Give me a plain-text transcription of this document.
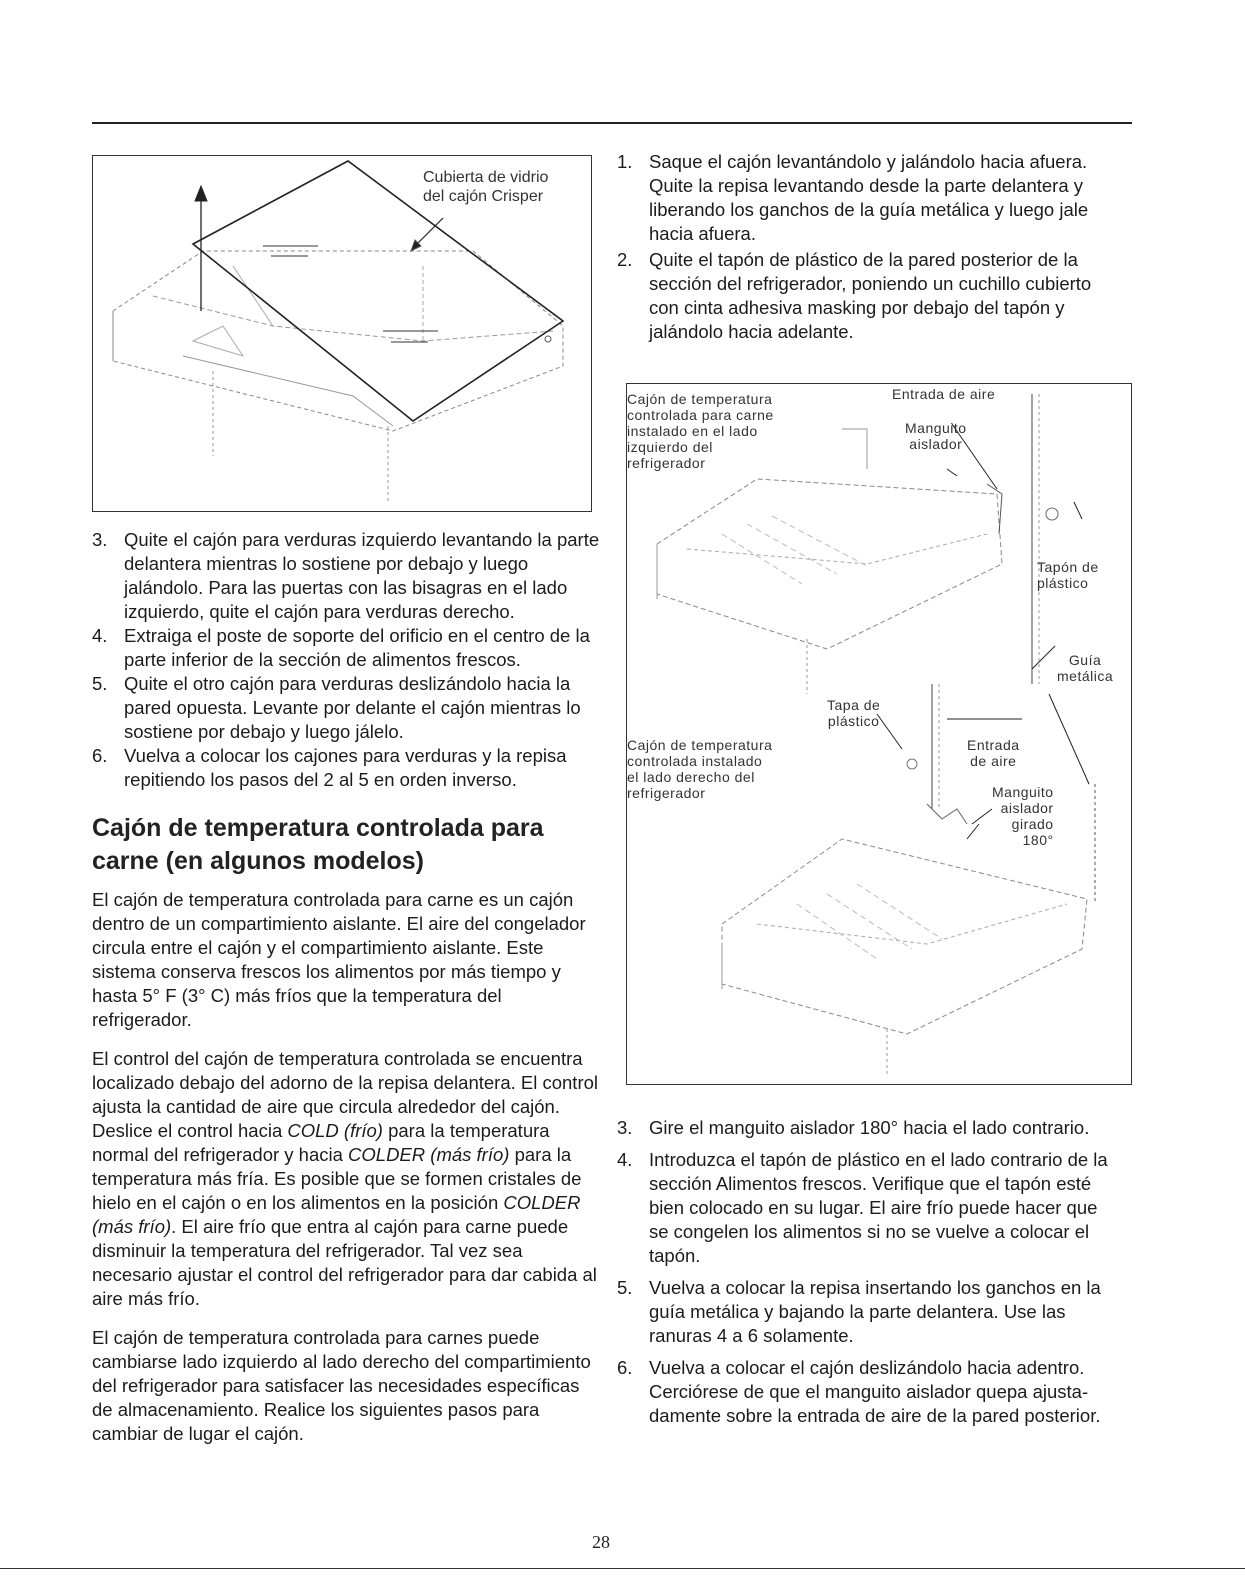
Cubierta de vidrio
del cajón Crisper
1. Saque el cajón levantándolo y jalándolo hacia afuera. Quite la repisa levantando desde la parte delantera y liberando los ganchos de la guía metálica y luego jale hacia afuera.
2. Quite el tapón de plástico de la pared posterior de la sección del refrigerador, poniendo un cuchillo cubierto con cinta adhesiva masking por debajo del tapón y jalándolo hacia adelante.
Cajón de temperatura
controlada para carne
instalado en el lado
izquierdo del
refrigerador
Entrada de aire
Manguito
aislador
Tapón de
plástico
Guía
metálica
Tapa de
plástico
Cajón de temperatura
controlada instalado
el lado derecho del
refrigerador
Entrada
de aire
Manguito
aislador
girado
180°
3. Quite el cajón para verduras izquierdo levantando la parte delantera mientras lo sostiene por debajo y luego jalándolo. Para las puertas con las bisagras en el lado izquierdo, quite el cajón para verduras derecho.
4. Extraiga el poste de soporte del orificio en el centro de la parte inferior de la sección de alimentos frescos.
5. Quite el otro cajón para verduras deslizándolo hacia la pared opuesta. Levante por delante el cajón mientras lo sostiene por debajo y luego jálelo.
6. Vuelva a colocar los cajones para verduras y la repisa repitiendo los pasos del 2 al 5 en orden inverso.
Cajón de temperatura controlada para carne (en algunos modelos)

El cajón de temperatura controlada para carne es un cajón dentro de un compartimiento aislante. El aire del congelador circula entre el cajón y el compartimiento aislante. Este sistema conserva frescos los alimentos por más tiempo y hasta 5° F (3° C) más fríos que la temperatura del refrigerador.

El control del cajón de temperatura controlada se encuentra localizado debajo del adorno de la repisa delantera. El control ajusta la cantidad de aire que circula alrededor del cajón. Deslice el control hacia COLD (frío) para la temperatura normal del refrigerador y hacia COLDER (más frío) para la temperatura más fría. Es posible que se formen cristales de hielo en el cajón o en los alimentos en la posición COLDER (más frío). El aire frío que entra al cajón para carne puede disminuir la temperatura del refrigerador. Tal vez sea necesario ajustar el control del refrigerador para dar cabida al aire más frío.

El cajón de temperatura controlada para carnes puede cambiarse lado izquierdo al lado derecho del compartimiento del refrigerador para satisfacer las necesidades específicas de almacenamiento. Realice los siguientes pasos para cambiar de lugar el cajón.

3. Gire el manguito aislador 180° hacia el lado contrario.
4. Introduzca el tapón de plástico en el lado contrario de la sección Alimentos frescos. Verifique que el tapón esté bien colocado en su lugar. El aire frío puede hacer que se congelen los alimentos si no se vuelve a colocar el tapón.
5. Vuelva a colocar la repisa insertando los ganchos en la guía metálica y bajando la parte delantera. Use las ranuras 4 a 6 solamente.
6. Vuelva a colocar el cajón deslizándolo hacia adentro. Cerciórese de que el manguito aislador quepa ajusta-damente sobre la entrada de aire de la pared posterior.
28
